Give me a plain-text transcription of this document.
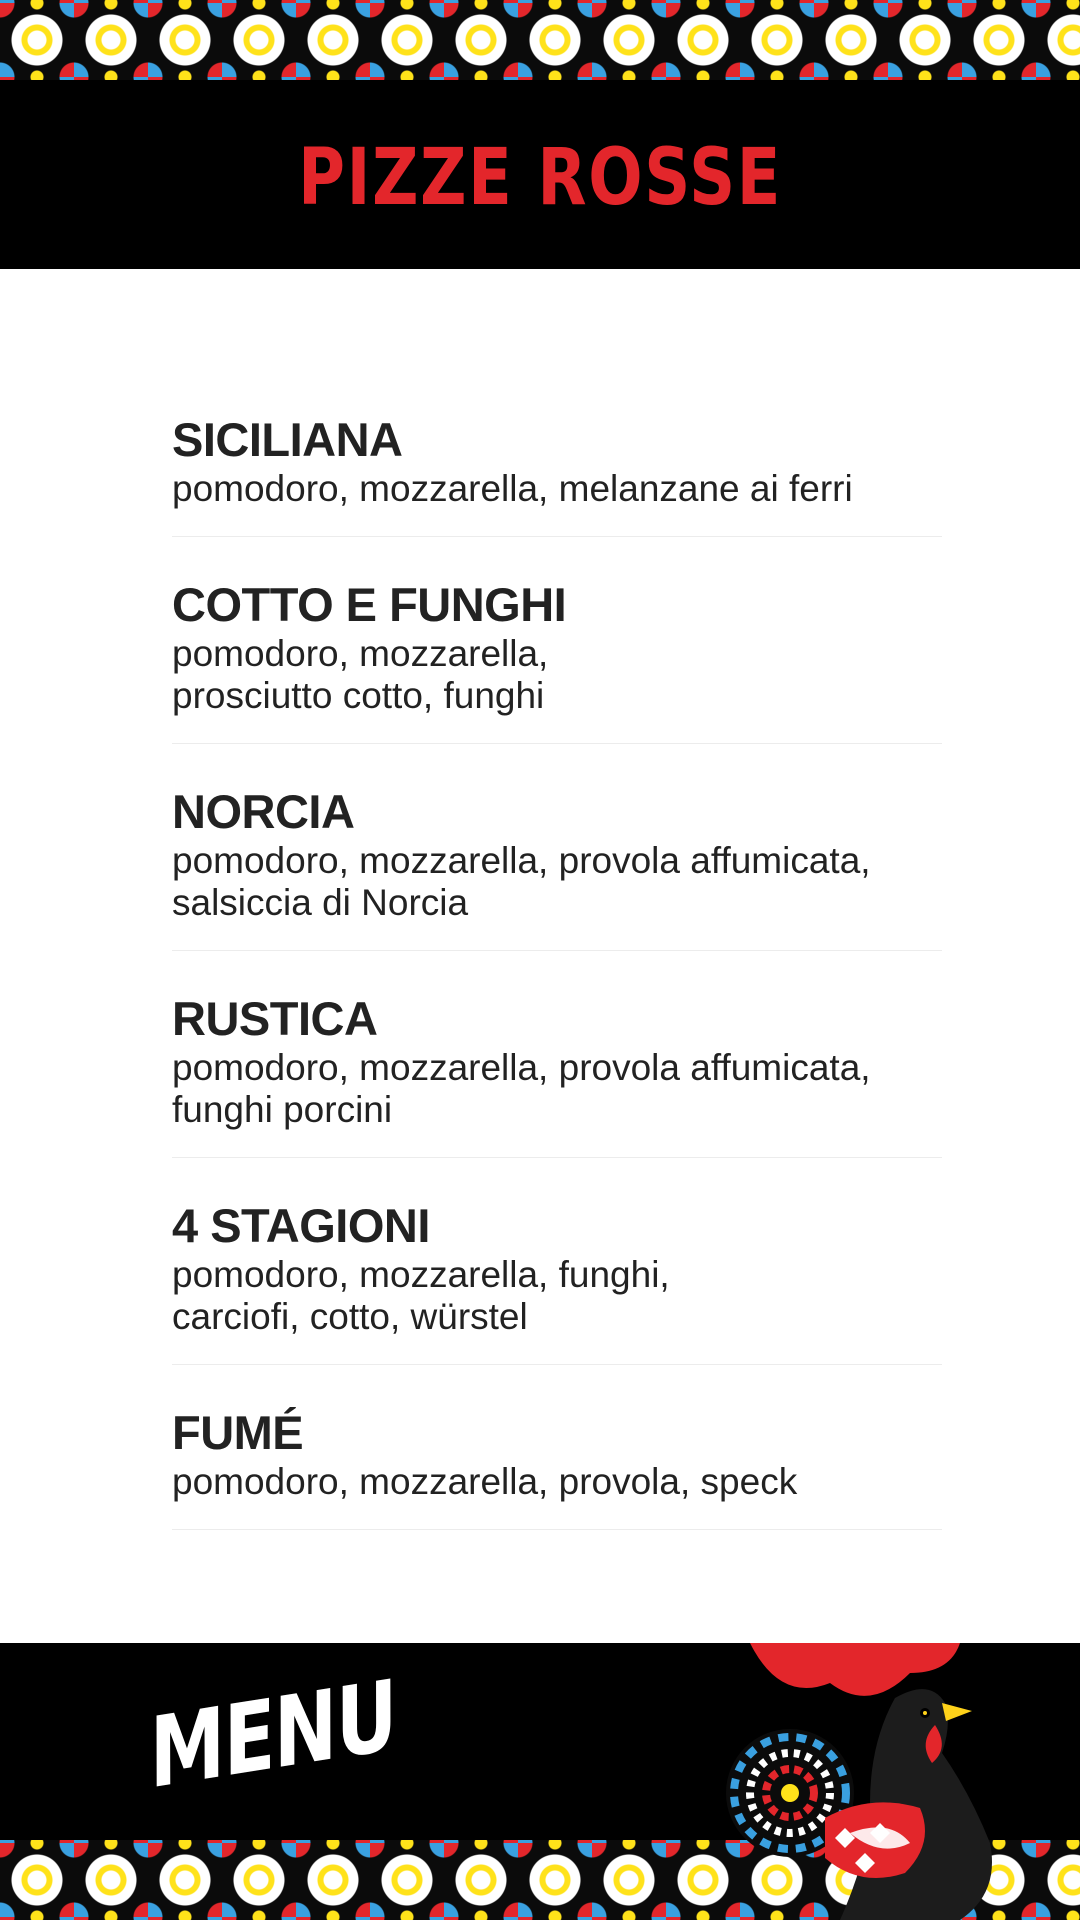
PIZZE ROSSE
SICILIANA
pomodoro, mozzarella, melanzane ai ferri
COTTO E FUNGHI
pomodoro, mozzarella,
prosciutto cotto, funghi
NORCIA
pomodoro, mozzarella, provola affumicata,
salsiccia di Norcia
RUSTICA
pomodoro, mozzarella, provola affumicata,
funghi porcini
4 STAGIONI
pomodoro, mozzarella, funghi,
carciofi, cotto, würstel
FUMÉ
pomodoro, mozzarella, provola, speck
MENU
